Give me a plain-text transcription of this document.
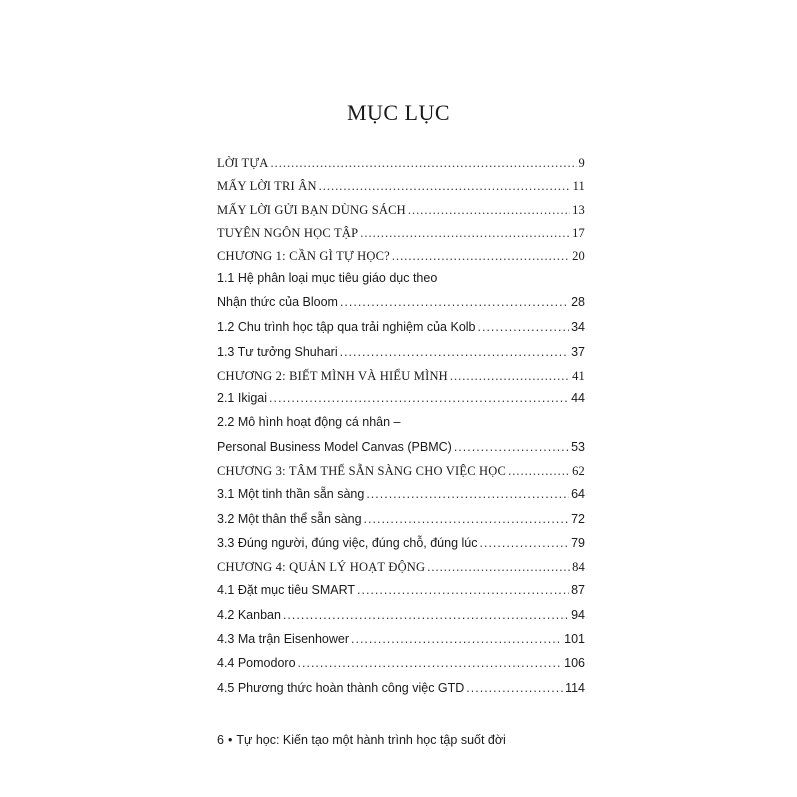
MỤC LỤC
LỜI TỰA .....	9
MẤY LỜI TRI ÂN .....	11
MẤY LỜI GỬI BẠN DÙNG SÁCH .....	13
TUYÊN NGÔN HỌC TẬP .....	17
CHƯƠNG 1: CẦN GÌ TỰ HỌC? .....	20
1.1 Hệ phân loại mục tiêu giáo dục theo
Nhận thức của Bloom .....	28
1.2 Chu trình học tập qua trải nghiệm của Kolb .....	34
1.3 Tư tưởng Shuhari .....	37
CHƯƠNG 2: BIẾT MÌNH VÀ HIỂU MÌNH .....	41
2.1 Ikigai .....	44
2.2 Mô hình hoạt động cá nhân –
Personal Business Model Canvas (PBMC) .....	53
CHƯƠNG 3: TÂM THẾ SẴN SÀNG CHO VIỆC HỌC .....	62
3.1 Một tinh thần sẵn sàng .....	64
3.2 Một thân thể sẵn sàng .....	72
3.3 Đúng người, đúng việc, đúng chỗ, đúng lúc .....	79
CHƯƠNG 4: QUẢN LÝ HOẠT ĐỘNG .....	84
4.1 Đặt mục tiêu SMART .....	87
4.2 Kanban .....	94
4.3 Ma trận Eisenhower .....	101
4.4 Pomodoro .....	106
4.5 Phương thức hoàn thành công việc GTD .....	114
6 • Tự học: Kiến tạo một hành trình học tập suốt đời
